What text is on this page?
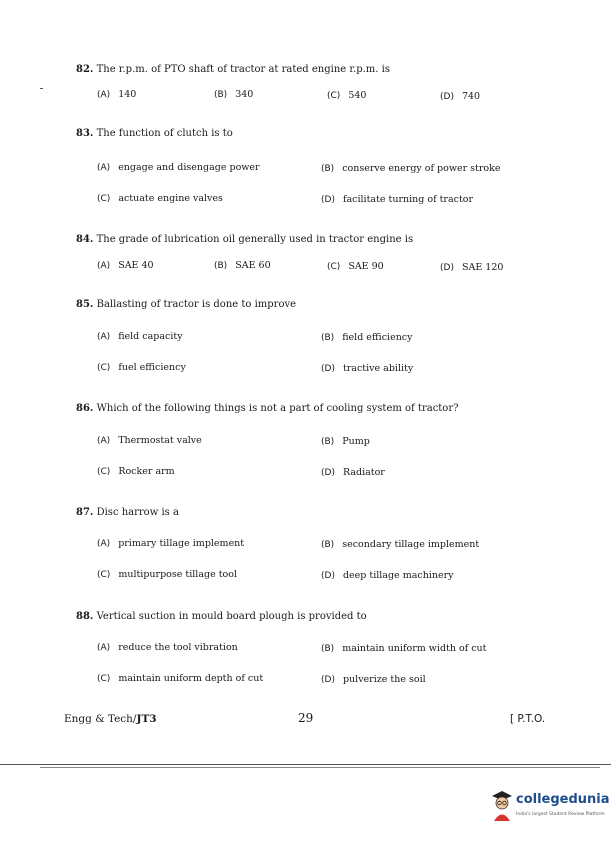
82. The r.p.m. of PTO shaft of tractor at rated engine r.p.m. is
(A) 140	(B) 340	(C) 540	(D) 740
83. The function of clutch is to
(A) engage and disengage power	(B) conserve energy of power stroke
(C) actuate engine valves	(D) facilitate turning of tractor
84. The grade of lubrication oil generally used in tractor engine is
(A) SAE 40	(B) SAE 60	(C) SAE 90	(D) SAE 120
85. Ballasting of tractor is done to improve
(A) field capacity	(B) field efficiency
(C) fuel efficiency	(D) tractive ability
86. Which of the following things is not a part of cooling system of tractor?
(A) Thermostat valve	(B) Pump
(C) Rocker arm	(D) Radiator
87. Disc harrow is a
(A) primary tillage implement	(B) secondary tillage implement
(C) multipurpose tillage tool	(D) deep tillage machinery
88. Vertical suction in mould board plough is provided to
(A) reduce the tool vibration	(B) maintain uniform width of cut
(C) maintain uniform depth of cut	(D) pulverize the soil
Engg & Tech/JT3	29	[ P.T.O.
collegedunia
India's largest Student Review Platform
